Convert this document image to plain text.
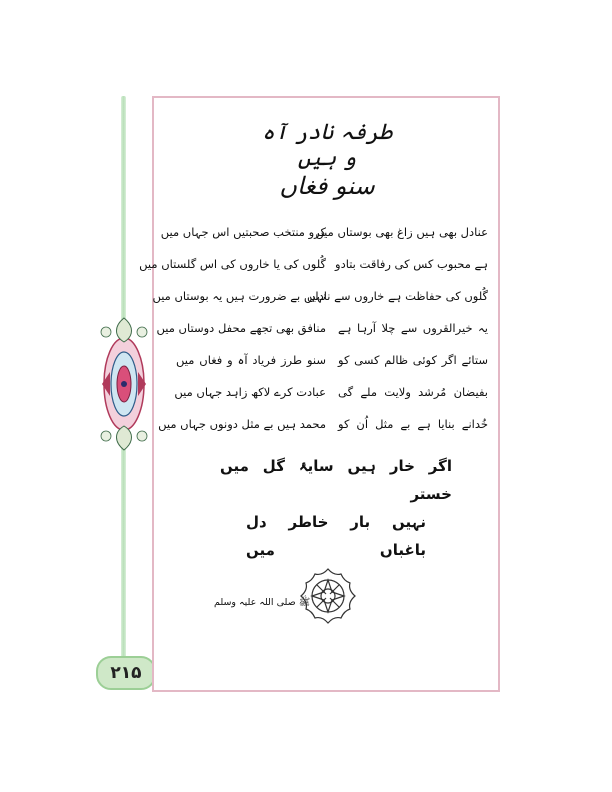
۲۱۵
طرفہ نادر آہ و ہیں
سنو فغاں
عنادل بھی ہیں زاغ بھی بوستاں میں
کرو منتخب صحبتیں اس جہاں میں
ہے محبوب کس کی رفاقت بتادو
گُلوں کی یا خاروں کی اس گلستاں میں
گُلوں کی حفاظت ہے خاروں سے ناداں
نہیں بے ضرورت ہیں یہ بوستاں میں
یہ خیرالقروں سے چلا آرہا ہے
منافق بھی تجھے محفل دوستاں میں
ستائے اگر کوئی ظالم کسی کو
سنو طرز فریاد آہ و فغاں میں
بفیضان مُرشد ولایت ملے گی
عبادت کرے لاکھ زاہد جہاں میں
خُدانے بنایا ہے بے مثل اُن کو
محمد ہیں بے مثل دونوں جہاں میں
اگر خار ہیں سایۂ گل میں خستر
نہیں بار خاطر دل باغباں میں
ﷺ صلی اللہ علیہ وسلم
